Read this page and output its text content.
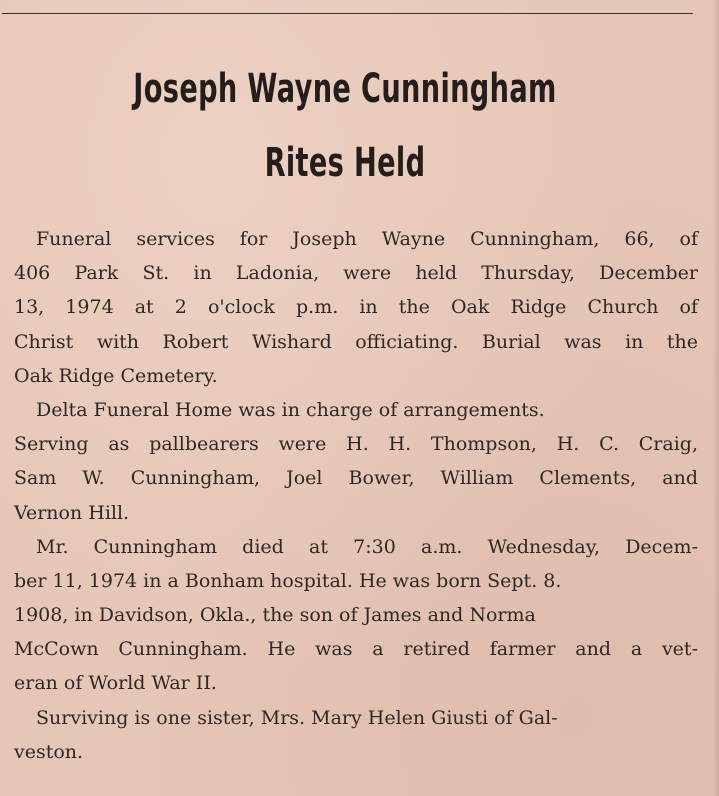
Joseph Wayne Cunningham
Rites Held
Funeral services for Joseph Wayne Cunningham, 66, of
406 Park St. in Ladonia, were held Thursday, December
13, 1974 at 2 o'clock p.m. in the Oak Ridge Church of
Christ with Robert Wishard officiating. Burial was in the
Oak Ridge Cemetery.
Delta Funeral Home was in charge of arrangements.
Serving as pallbearers were H. H. Thompson, H. C. Craig,
Sam W. Cunningham, Joel Bower, William Clements, and
Vernon Hill.
Mr. Cunningham died at 7:30 a.m. Wednesday, Decem-
ber 11, 1974 in a Bonham hospital. He was born Sept. 8.
1908, in Davidson, Okla., the son of James and Norma
McCown Cunningham. He was a retired farmer and a vet-
eran of World War II.
Surviving is one sister, Mrs. Mary Helen Giusti of Gal-
veston.
